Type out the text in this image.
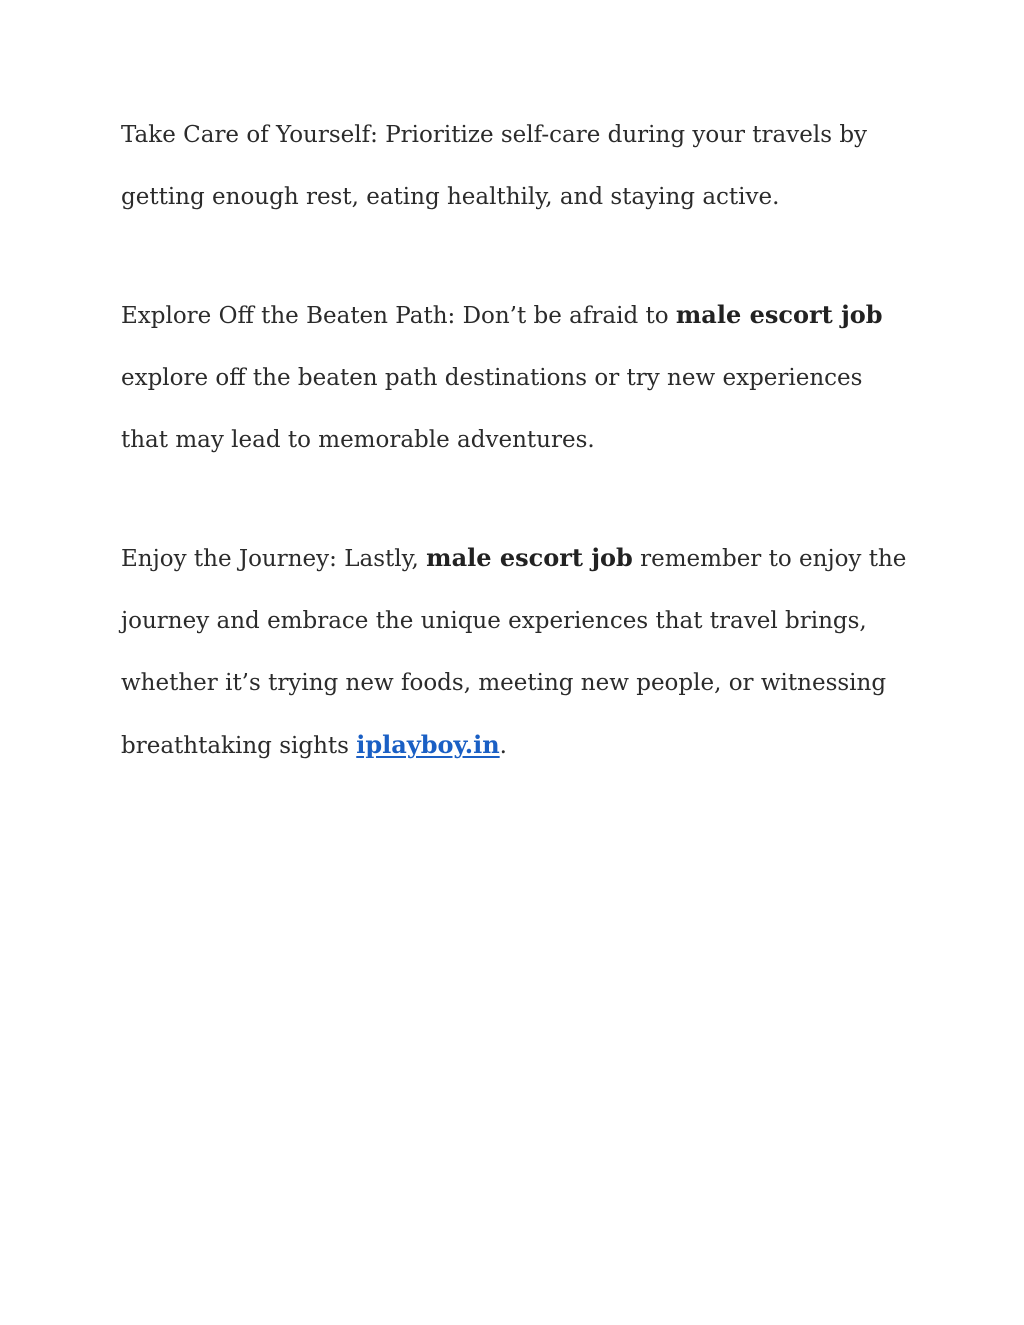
Take Care of Yourself: Prioritize self-care during your travels by getting enough rest, eating healthily, and staying active.

Explore Off the Beaten Path: Don’t be afraid to male escort job explore off the beaten path destinations or try new experiences that may lead to memorable adventures.

Enjoy the Journey: Lastly, male escort job remember to enjoy the journey and embrace the unique experiences that travel brings, whether it’s trying new foods, meeting new people, or witnessing breathtaking sights iplayboy.in.
